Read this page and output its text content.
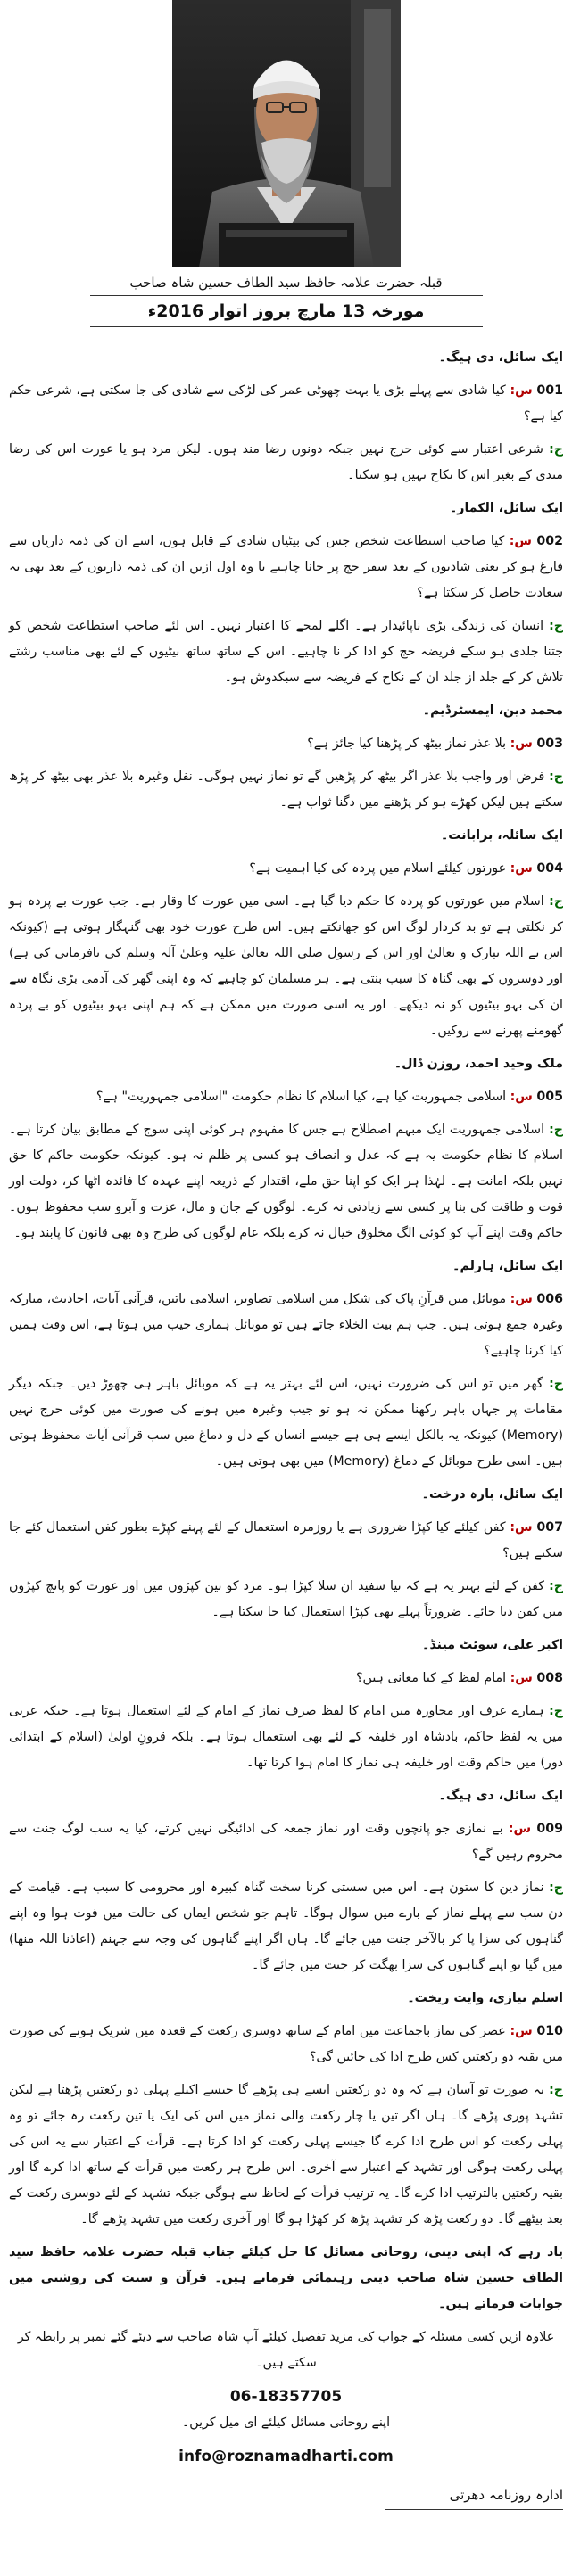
قبلہ حضرت علامہ حافظ سید الطاف حسین شاہ صاحب
مورخہ 13 مارچ بروز اتوار 2016ء

ایک سائل، دی ہیگ۔

001 س: کیا شادی سے پہلے بڑی یا بہت چھوٹی عمر کی لڑکی سے شادی کی جا سکتی ہے، شرعی حکم کیا ہے؟

ج: شرعی اعتبار سے کوئی حرج نہیں جبکہ دونوں رضا مند ہوں۔ لیکن مرد ہو یا عورت اس کی رضا مندی کے بغیر اس کا نکاح نہیں ہو سکتا۔

ایک سائل، الکمار۔

002 س: کیا صاحب استطاعت شخص جس کی بیٹیاں شادی کے قابل ہوں، اسے ان کی ذمہ داریاں سے فارغ ہو کر یعنی شادیوں کے بعد سفر حج پر جانا چاہیے یا وہ اول ازیں ان کی ذمہ داریوں کے بعد بھی یہ سعادت حاصل کر سکتا ہے؟

ج: انسان کی زندگی بڑی ناپائیدار ہے۔ اگلے لمحے کا اعتبار نہیں۔ اس لئے صاحب استطاعت شخص کو جتنا جلدی ہو سکے فریضہ حج کو ادا کر نا چاہیے۔ اس کے ساتھ ساتھ بیٹیوں کے لئے بھی مناسب رشتے تلاش کر کے جلد از جلد ان کے نکاح کے فریضہ سے سبکدوش ہو۔

محمد دین، ایمسٹرڈیم۔

003 س: بلا عذر نماز بیٹھ کر پڑھنا کیا جائز ہے؟

ج: فرض اور واجب بلا عذر اگر بیٹھ کر پڑھیں گے تو نماز نہیں ہوگی۔ نفل وغیرہ بلا عذر بھی بیٹھ کر پڑھ سکتے ہیں لیکن کھڑے ہو کر پڑھنے میں دگنا ثواب ہے۔

ایک سائلہ، برابانت۔

004 س: عورتوں کیلئے اسلام میں پردہ کی کیا اہمیت ہے؟

ج: اسلام میں عورتوں کو پردہ کا حکم دیا گیا ہے۔ اسی میں عورت کا وقار ہے۔ جب عورت بے پردہ ہو کر نکلتی ہے تو بد کردار لوگ اس کو جھانکتے ہیں۔ اس طرح عورت خود بھی گنہگار ہوتی ہے (کیونکہ اس نے اللہ تبارک و تعالیٰ اور اس کے رسول صلی اللہ تعالیٰ علیہ وعلیٰ آلہ وسلم کی نافرمانی کی ہے) اور دوسروں کے بھی گناہ کا سبب بنتی ہے۔ ہر مسلمان کو چاہیے کہ وہ اپنی گھر کی آدمی بڑی نگاہ سے ان کی بہو بیٹیوں کو نہ دیکھے۔ اور یہ اسی صورت میں ممکن ہے کہ ہم اپنی بہو بیٹیوں کو بے پردہ گھومنے پھرنے سے روکیں۔

ملک وحید احمد، روزن ڈال۔

005 س: اسلامی جمہوریت کیا ہے، کیا اسلام کا نظام حکومت "اسلامی جمہوریت" ہے؟

ج: اسلامی جمہوریت ایک مبہم اصطلاح ہے جس کا مفہوم ہر کوئی اپنی سوچ کے مطابق بیان کرتا ہے۔ اسلام کا نظام حکومت یہ ہے کہ عدل و انصاف ہو کسی پر ظلم نہ ہو۔ کیونکہ حکومت حاکم کا حق نہیں بلکہ امانت ہے۔ لہٰذا ہر ایک کو اپنا حق ملے، اقتدار کے ذریعہ اپنے عہدہ کا فائدہ اٹھا کر، دولت اور قوت و طاقت کی بنا پر کسی سے زیادتی نہ کرے۔ لوگوں کے جان و مال، عزت و آبرو سب محفوظ ہوں۔ حاکم وقت اپنے آپ کو کوئی الگ مخلوق خیال نہ کرے بلکہ عام لوگوں کی طرح وہ بھی قانون کا پابند ہو۔

ایک سائل، ہارلم۔

006 س: موبائل میں قرآنِ پاک کی شکل میں اسلامی تصاویر، اسلامی باتیں، قرآنی آیات، احادیث، مبارکہ وغیرہ جمع ہوتی ہیں۔ جب ہم بیت الخلاء جاتے ہیں تو موبائل ہماری جیب میں ہوتا ہے، اس وقت ہمیں کیا کرنا چاہیے؟

ج: گھر میں تو اس کی ضرورت نہیں، اس لئے بہتر یہ ہے کہ موبائل باہر ہی چھوڑ دیں۔ جبکہ دیگر مقامات پر جہاں باہر رکھنا ممکن نہ ہو تو جیب وغیرہ میں ہونے کی صورت میں کوئی حرج نہیں (Memory) کیونکہ یہ بالکل ایسے ہی ہے جیسے انسان کے دل و دماغ میں سب قرآنی آیات محفوظ ہوتی ہیں۔ اسی طرح موبائل کے دماغ (Memory) میں بھی ہوتی ہیں۔

ایک سائل، بارہ درخت۔

007 س: کفن کیلئے کیا کپڑا ضروری ہے یا روزمرہ استعمال کے لئے پہنے کپڑے بطور کفن استعمال کئے جا سکتے ہیں؟

ج: کفن کے لئے بہتر یہ ہے کہ نیا سفید ان سلا کپڑا ہو۔ مرد کو تین کپڑوں میں اور عورت کو پانچ کپڑوں میں کفن دیا جائے۔ ضرورتاً پہلے بھی کپڑا استعمال کیا جا سکتا ہے۔

اکبر علی، سوئٹ مینڈ۔

008 س: امام لفظ کے کیا معانی ہیں؟

ج: ہمارے عرف اور محاورہ میں امام کا لفظ صرف نماز کے امام کے لئے استعمال ہوتا ہے۔ جبکہ عربی میں یہ لفظ حاکم، بادشاہ اور خلیفہ کے لئے بھی استعمال ہوتا ہے۔ بلکہ قرونِ اولیٰ (اسلام کے ابتدائی دور) میں حاکم وقت اور خلیفہ ہی نماز کا امام ہوا کرتا تھا۔

ایک سائل، دی ہیگ۔

009 س: بے نمازی جو پانچوں وقت اور نماز جمعہ کی ادائیگی نہیں کرتے، کیا یہ سب لوگ جنت سے محروم رہیں گے؟

ج: نماز دین کا ستون ہے۔ اس میں سستی کرنا سخت گناہ کبیرہ اور محرومی کا سبب ہے۔ قیامت کے دن سب سے پہلے نماز کے بارے میں سوال ہوگا۔ تاہم جو شخص ایمان کی حالت میں فوت ہوا وہ اپنے گناہوں کی سزا پا کر بالآخر جنت میں جائے گا۔ ہاں اگر اپنے گناہوں کی وجہ سے جہنم (اعاذنا اللہ منھا) میں گیا تو اپنے گناہوں کی سزا بھگت کر جنت میں جائے گا۔

اسلم نیازی، وایت ریخت۔

010 س: عصر کی نماز باجماعت میں امام کے ساتھ دوسری رکعت کے قعدہ میں شریک ہونے کی صورت میں بقیہ دو رکعتیں کس طرح ادا کی جائیں گی؟

ج: یہ صورت تو آسان ہے کہ وہ دو رکعتیں ایسے ہی پڑھے گا جیسے اکیلے پہلی دو رکعتیں پڑھتا ہے لیکن تشہد پوری پڑھے گا۔ ہاں اگر تین یا چار رکعت والی نماز میں اس کی ایک یا تین رکعت رہ جائے تو وہ پہلی رکعت کو اس طرح ادا کرے گا جیسے پہلی رکعت کو ادا کرتا ہے۔ قرأت کے اعتبار سے یہ اس کی پہلی رکعت ہوگی اور تشہد کے اعتبار سے آخری۔ اس طرح ہر رکعت میں قرأت کے ساتھ ادا کرے گا اور بقیہ رکعتیں بالترتیب ادا کرے گا۔ یہ ترتیب قرأت کے لحاظ سے ہوگی جبکہ تشہد کے لئے دوسری رکعت کے بعد بیٹھے گا۔ دو رکعت پڑھ کر تشہد پڑھ کر کھڑا ہو گا اور آخری رکعت میں تشہد پڑھے گا۔

یاد رہے کہ اپنی دینی، روحانی مسائل کا حل کیلئے جناب قبلہ حضرت علامہ حافظ سید الطاف حسین شاہ صاحب دینی رہنمائی فرماتے ہیں۔ قرآن و سنت کی روشنی میں جوابات فرماتے ہیں۔

علاوہ ازیں کسی مسئلہ کے جواب کی مزید تفصیل کیلئے آپ شاہ صاحب سے دیئے گئے نمبر پر رابطہ کر سکتے ہیں۔

06-18357705

اپنے روحانی مسائل کیلئے ای میل کریں۔

info@roznamadharti.com
ادارہ روزنامہ دھرتی
